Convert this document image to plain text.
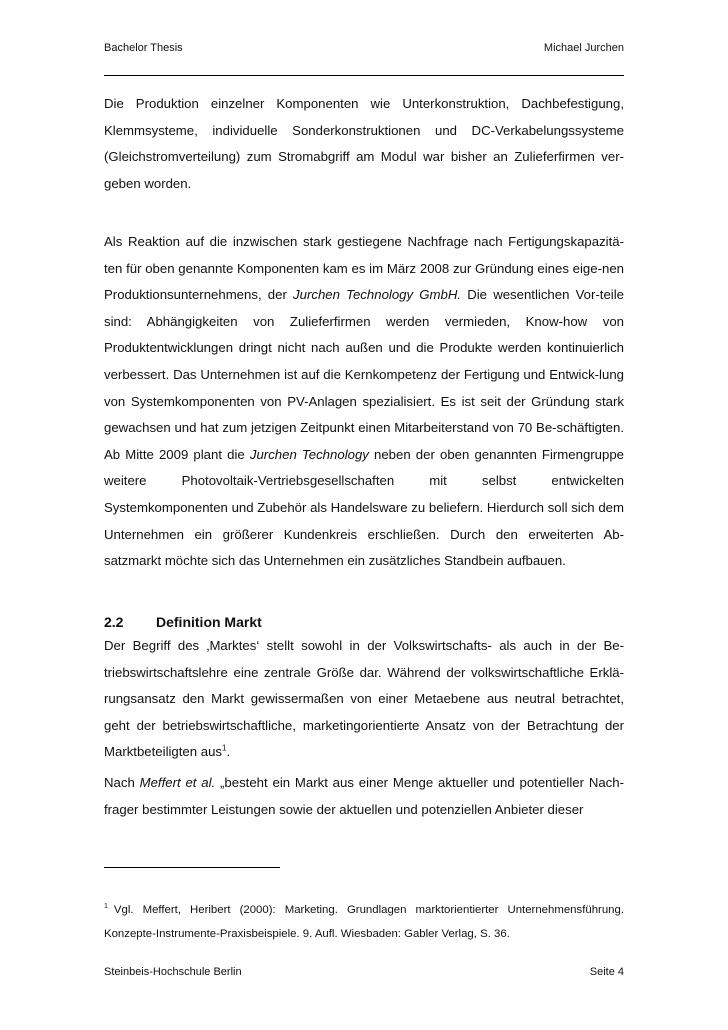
Bachelor Thesis	Michael Jurchen

Die Produktion einzelner Komponenten wie Unterkonstruktion, Dachbefestigung, Klemmsysteme, individuelle Sonderkonstruktionen und DC-Verkabelungssysteme (Gleichstromverteilung) zum Stromabgriff am Modul war bisher an Zulieferfirmen ver-geben worden.

Als Reaktion auf die inzwischen stark gestiegene Nachfrage nach Fertigungskapazitä-ten für oben genannte Komponenten kam es im März 2008 zur Gründung eines eige-nen Produktionsunternehmens, der Jurchen Technology GmbH. Die wesentlichen Vor-teile sind: Abhängigkeiten von Zulieferfirmen werden vermieden, Know-how von Produktentwicklungen dringt nicht nach außen und die Produkte werden kontinuierlich verbessert. Das Unternehmen ist auf die Kernkompetenz der Fertigung und Entwick-lung von Systemkomponenten von PV-Anlagen spezialisiert. Es ist seit der Gründung stark gewachsen und hat zum jetzigen Zeitpunkt einen Mitarbeiterstand von 70 Be-schäftigten. Ab Mitte 2009 plant die Jurchen Technology neben der oben genannten Firmengruppe weitere Photovoltaik-Vertriebsgesellschaften mit selbst entwickelten Systemkomponenten und Zubehör als Handelsware zu beliefern. Hierdurch soll sich dem Unternehmen ein größerer Kundenkreis erschließen. Durch den erweiterten Ab-satzmarkt möchte sich das Unternehmen ein zusätzliches Standbein aufbauen.

2.2 Definition Markt

Der Begriff des ‚Marktes‘ stellt sowohl in der Volkswirtschafts- als auch in der Be-triebswirtschaftslehre eine zentrale Größe dar. Während der volkswirtschaftliche Erklä-rungsansatz den Markt gewissermaßen von einer Metaebene aus neutral betrachtet, geht der betriebswirtschaftliche, marketingorientierte Ansatz von der Betrachtung der Marktbeteiligten aus$^1$.

Nach Meffert et al. „besteht ein Markt aus einer Menge aktueller und potentieller Nach-frager bestimmter Leistungen sowie der aktuellen und potenziellen Anbieter dieser

$^1$ Vgl. Meffert, Heribert (2000): Marketing. Grundlagen marktorientierter Unternehmensführung. Konzepte-Instrumente-Praxisbeispiele. 9. Aufl. Wiesbaden: Gabler Verlag, S. 36.

Steinbeis-Hochschule Berlin	Seite 4
